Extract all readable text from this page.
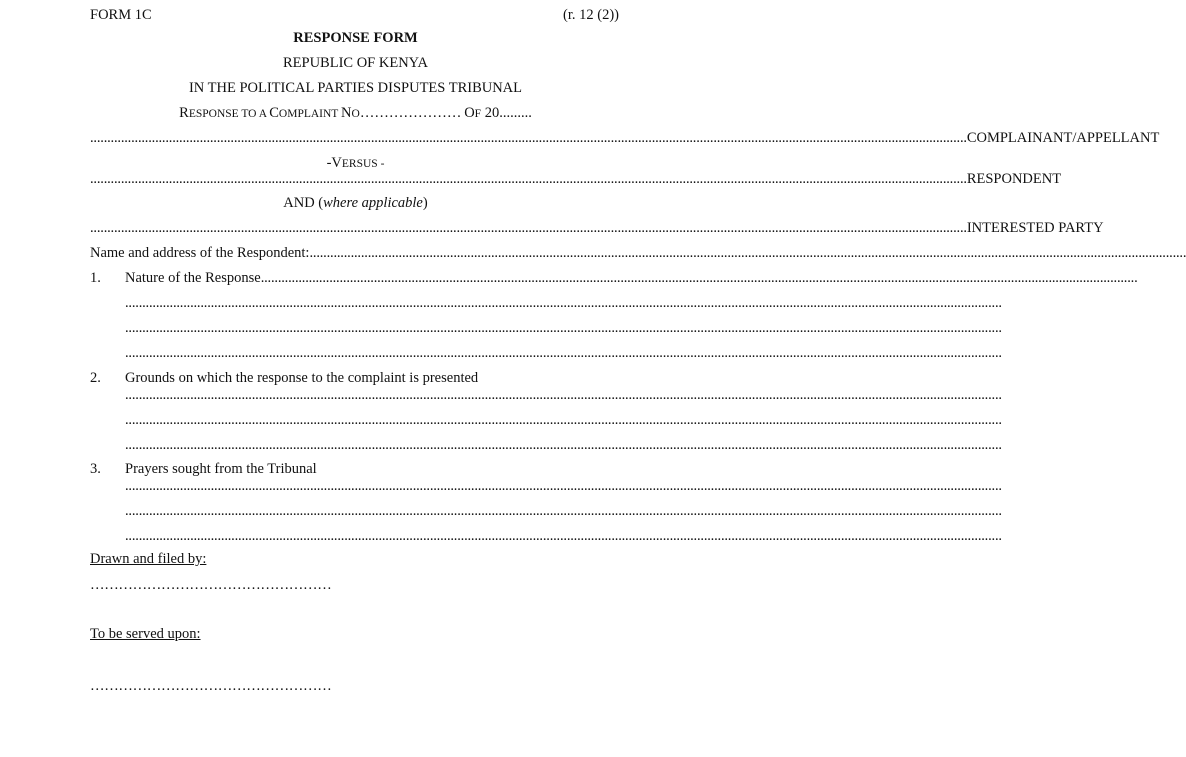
FORM 1C	(r. 12 (2))
RESPONSE FORM
REPUBLIC OF KENYA
IN THE POLITICAL PARTIES DISPUTES TRIBUNAL
RESPONSE TO A COMPLAINT NO………………… OF 20.........
................................................................................................................................................................................................................................................................ COMPLAINANT/APPELLANT
-VERSUS -
................................................................................................................................................................................................................................................................ RESPONDENT
AND (where applicable)
................................................................................................................................................................................................................................................................ INTERESTED PARTY
Name and address of the Respondent: ................................................................................................................................................................................................................................................................
1. Nature of the Response ................................................................................................................................................................................................................................................................
................................................................................................................................................................................................................................................................
................................................................................................................................................................................................................................................................
................................................................................................................................................................................................................................................................
2. Grounds on which the response to the complaint is presented
................................................................................................................................................................................................................................................................
................................................................................................................................................................................................................................................................
................................................................................................................................................................................................................................................................
3. Prayers sought from the Tribunal
................................................................................................................................................................................................................................................................
................................................................................................................................................................................................................................................................
................................................................................................................................................................................................................................................................
Drawn and filed by:
……………………………………………
To be served upon:
……………………………………………
